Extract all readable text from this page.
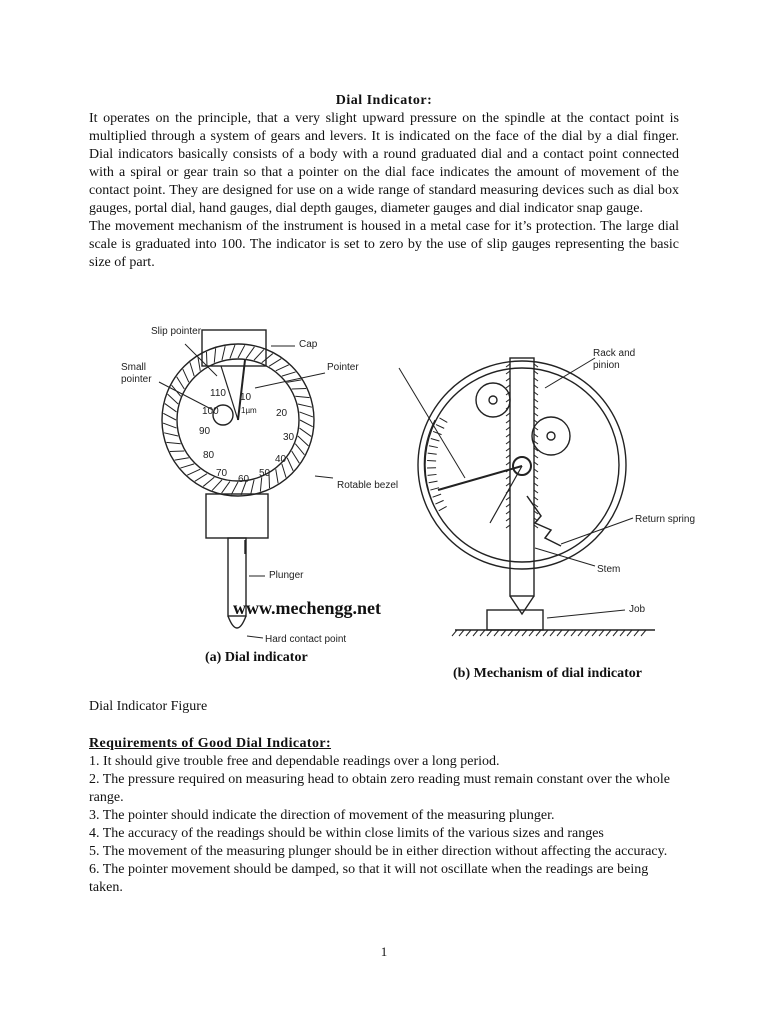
Dial Indicator:

It operates on the principle, that a very slight upward pressure on the spindle at the contact point is multiplied through a system of gears and levers. It is indicated on the face of the dial by a dial finger. Dial indicators basically consists of a body with a round graduated dial and a contact point connected with a spiral or gear train so that a pointer on the dial face indicates the amount of movement of the contact point. They are designed for use on a wide range of standard measuring devices such as dial box gauges, portal dial, hand gauges, dial depth gauges, diameter gauges and dial indicator snap gauge.

The movement mechanism of the instrument is housed in a metal case for it’s protection. The large dial scale is graduated into 100. The indicator is set to zero by the use of slip gauges representing the basic size of part.

110 10
100	1µm 20
90
30
80	40
70
60
50
Slip pointer
Cap
Small pointer
Pointer
Rotable bezel
Plunger
Hard contact point
Rack and pinion
Return spring
Stem
Job
www.mechengg.net
(a) Dial indicator
(b) Mechanism of dial indicator

Dial Indicator Figure

Requirements of Good Dial Indicator:
1. It should give trouble free and dependable readings over a long period.
2. The pressure required on measuring head to obtain zero reading must remain constant over the whole range.
3. The pointer should indicate the direction of movement of the measuring plunger.
4. The accuracy of the readings should be within close limits of the various sizes and ranges
5. The movement of the measuring plunger should be in either direction without affecting the accuracy.
6. The pointer movement should be damped, so that it will not oscillate when the readings are being taken.
1
